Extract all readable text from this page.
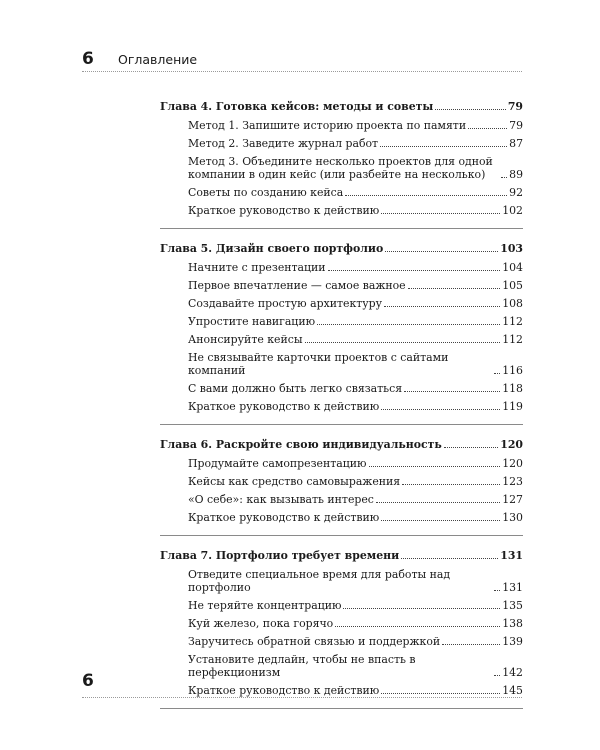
6	Оглавление
Глава 4. Готовка кейсов: методы и советы	79
Метод 1. Запишите историю проекта по памяти	79
Метод 2. Заведите журнал работ	87
Метод 3. Объедините несколько проектов для одной компании в один кейс (или разбейте на несколько)	89
Советы по созданию кейса	92
Краткое руководство к действию	102
Глава 5. Дизайн своего портфолио	103
Начните с презентации	104
Первое впечатление — самое важное	105
Создавайте простую архитектуру	108
Упростите навигацию	112
Анонсируйте кейсы	112
Не связывайте карточки проектов с сайтами компаний	116
С вами должно быть легко связаться	118
Краткое руководство к действию	119
Глава 6. Раскройте свою индивидуальность	120
Продумайте самопрезентацию	120
Кейсы как средство самовыражения	123
«О себе»: как вызывать интерес	127
Краткое руководство к действию	130
Глава 7. Портфолио требует времени	131
Отведите специальное время для работы над портфолио	131
Не теряйте концентрацию	135
Куй железо, пока горячо	138
Заручитесь обратной связью и поддержкой	139
Установите дедлайн, чтобы не впасть в перфекционизм	142
Краткое руководство к действию	145
6
